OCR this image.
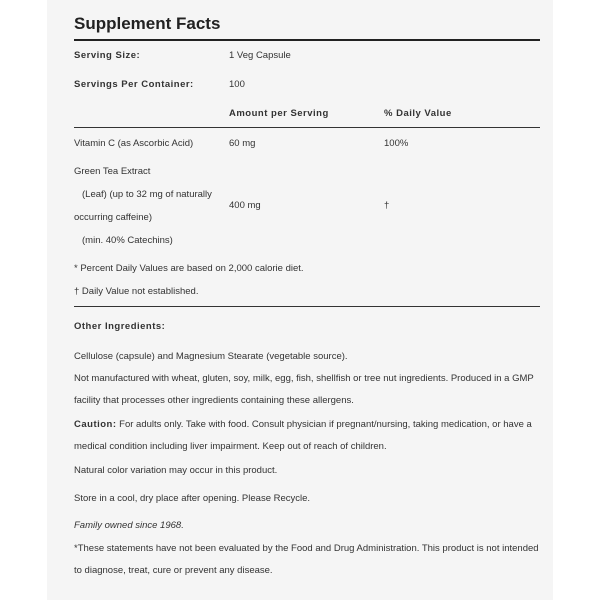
Supplement Facts
Serving Size:	1 Veg Capsule
Servings Per Container:	100
Amount per Serving	% Daily Value
Vitamin C (as Ascorbic Acid)	60 mg	100%
Green Tea Extract
(Leaf) (up to 32 mg of naturally
occurring caffeine)
(min. 40% Catechins)
400 mg	†
* Percent Daily Values are based on 2,000 calorie diet.
† Daily Value not established.
Other Ingredients:
Cellulose (capsule) and Magnesium Stearate (vegetable source).
Not manufactured with wheat, gluten, soy, milk, egg, fish, shellfish or tree nut ingredients. Produced in a GMP facility that processes other ingredients containing these allergens.
Caution: For adults only. Take with food. Consult physician if pregnant/nursing, taking medication, or have a medical condition including liver impairment. Keep out of reach of children.
Natural color variation may occur in this product.
Store in a cool, dry place after opening. Please Recycle.
Family owned since 1968.
*These statements have not been evaluated by the Food and Drug Administration. This product is not intended to diagnose, treat, cure or prevent any disease.
